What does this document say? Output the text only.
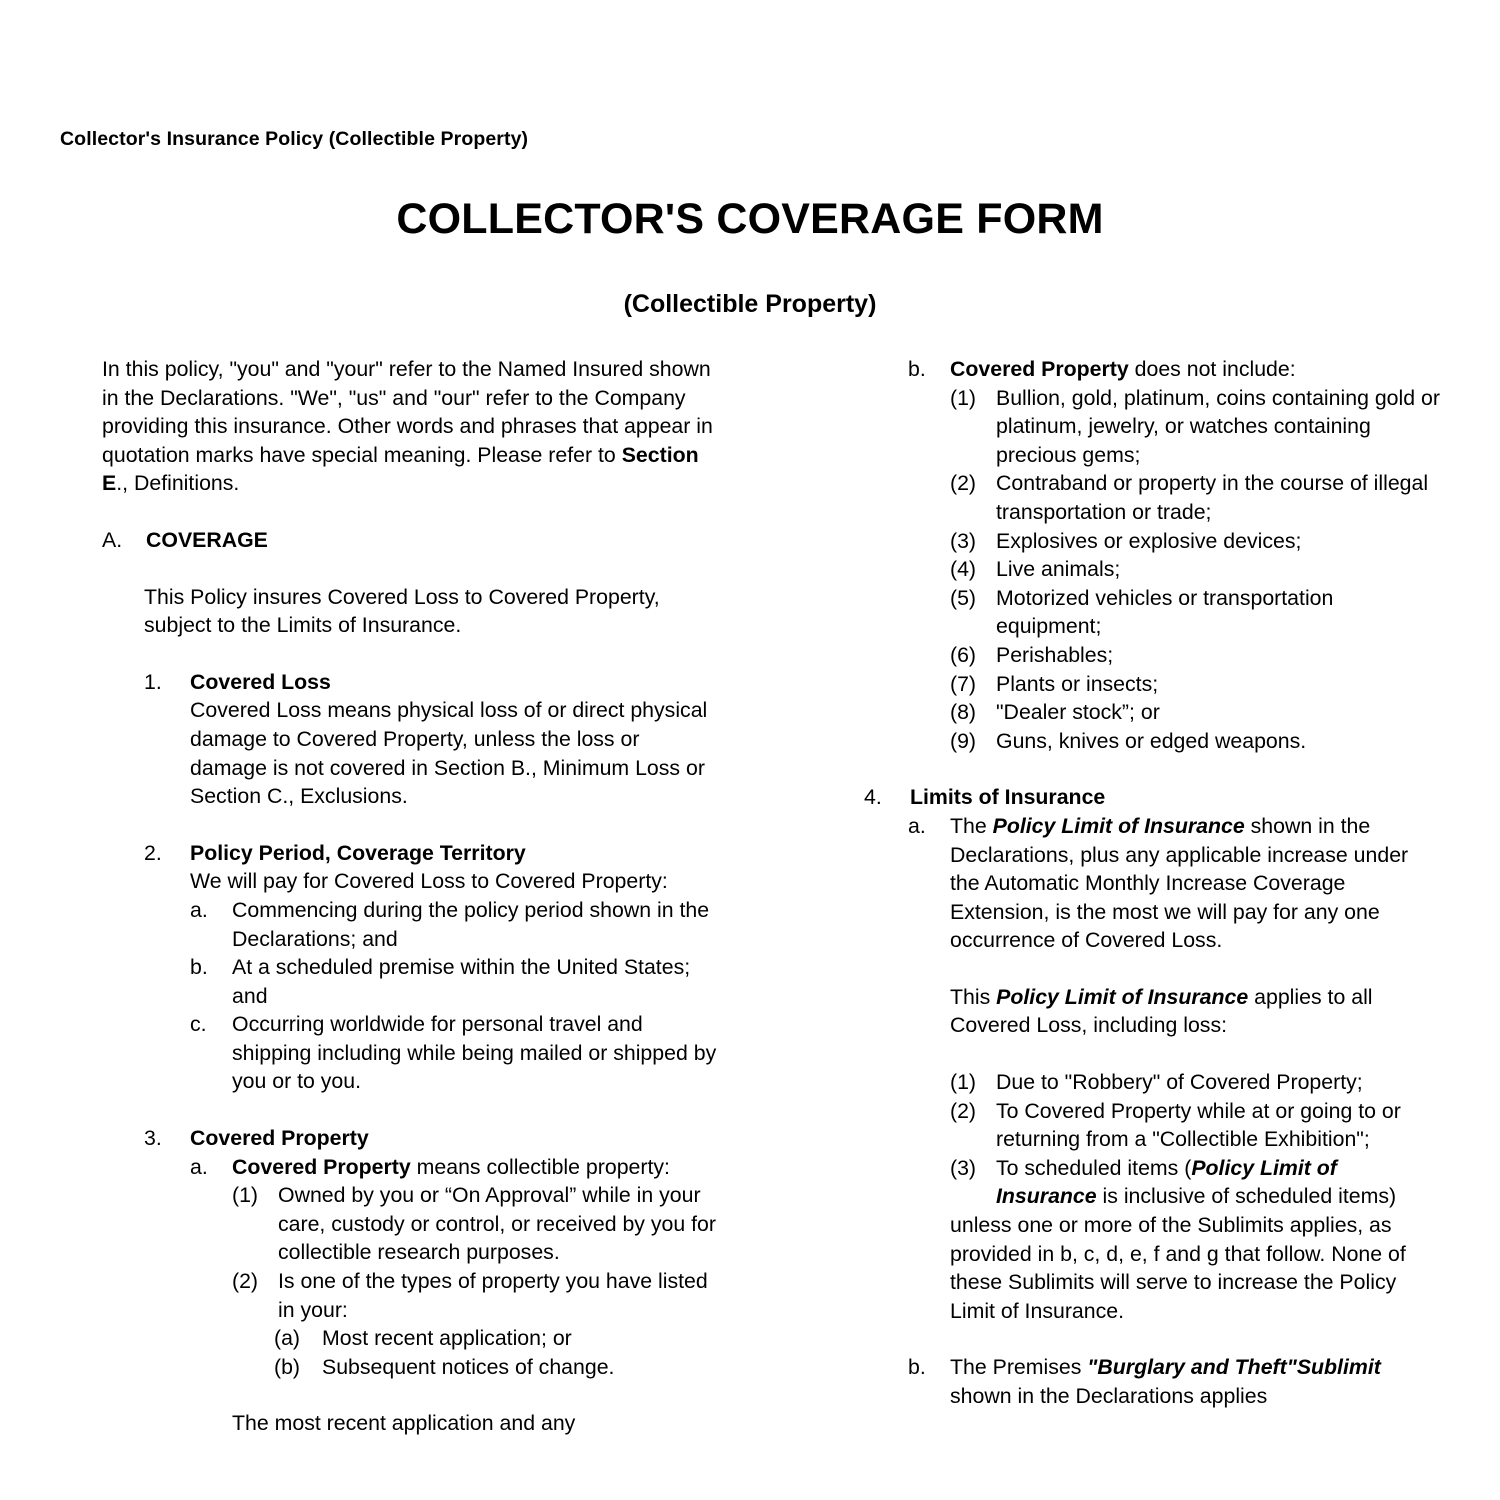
Collector's Insurance Policy (Collectible Property)
COLLECTOR'S COVERAGE FORM
(Collectible Property)

In this policy, "you" and "your" refer to the Named Insured shown in the Declarations. "We", "us" and "our" refer to the Company providing this insurance. Other words and phrases that appear in quotation marks have special meaning. Please refer to Section E., Definitions.

A.	COVERAGE

This Policy insures Covered Loss to Covered Property, subject to the Limits of Insurance.

1.	Covered Loss

Covered Loss means physical loss of or direct physical damage to Covered Property, unless the loss or damage is not covered in Section B., Minimum Loss or Section C., Exclusions.

2.	Policy Period, Coverage Territory

We will pay for Covered Loss to Covered Property:

a.	Commencing during the policy period shown in the Declarations; and
b.	At a scheduled premise within the United States; and
c.	Occurring worldwide for personal travel and shipping including while being mailed or shipped by you or to you.
3.	Covered Property
a.	Covered Property means collectible property:
(1) Owned by you or “On Approval” while in your care, custody or control, or received by you for collectible research purposes.
(2) Is one of the types of property you have listed in your:
(a)	Most recent application; or
(b)	Subsequent notices of change.

The most recent application and any

b.	Covered Property does not include:
(1) Bullion, gold, platinum, coins containing gold or platinum, jewelry, or watches containing precious gems;
(2) Contraband or property in the course of illegal transportation or trade;
(3) Explosives or explosive devices;
(4) Live animals;
(5) Motorized vehicles or transportation equipment;
(6) Perishables;
(7) Plants or insects;
(8) "Dealer stock”; or
(9) Guns, knives or edged weapons.
4.	Limits of Insurance
a.	The Policy Limit of Insurance shown in the Declarations, plus any applicable increase under the Automatic Monthly Increase Coverage Extension, is the most we will pay for any one occurrence of Covered Loss.

This Policy Limit of Insurance applies to all Covered Loss, including loss:

(1) Due to "Robbery" of Covered Property;
(2) To Covered Property while at or going to or returning from a "Collectible Exhibition";
(3) To scheduled items (Policy Limit of Insurance is inclusive of scheduled items)

unless one or more of the Sublimits applies, as provided in b, c, d, e, f and g that follow. None of these Sublimits will serve to increase the Policy Limit of Insurance.

b.	The Premises "Burglary and Theft"Sublimit shown in the Declarations applies
